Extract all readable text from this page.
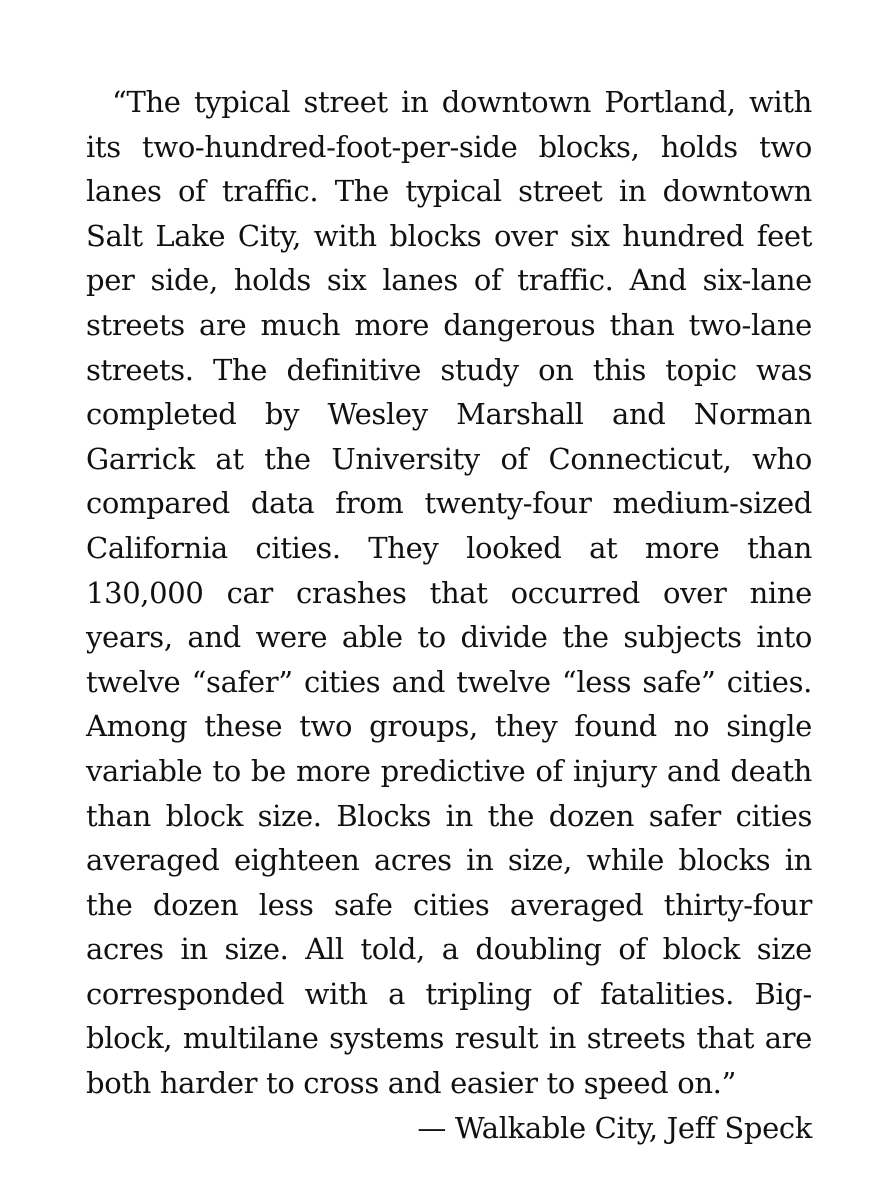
“The typical street in downtown Portland, with
its two-hundred-foot-per-side blocks, holds two
lanes of traffic. The typical street in downtown
Salt Lake City, with blocks over six hundred feet
per side, holds six lanes of traffic. And six-lane
streets are much more dangerous than two-lane
streets. The definitive study on this topic was
completed by Wesley Marshall and Norman
Garrick at the University of Connecticut, who
compared data from twenty-four medium-sized
California cities. They looked at more than
130,000 car crashes that occurred over nine
years, and were able to divide the subjects into
twelve “safer” cities and twelve “less safe” cities.
Among these two groups, they found no single
variable to be more predictive of injury and death
than block size. Blocks in the dozen safer cities
averaged eighteen acres in size, while blocks in
the dozen less safe cities averaged thirty-four
acres in size. All told, a doubling of block size
corresponded with a tripling of fatalities. Big-
block, multilane systems result in streets that are
both harder to cross and easier to speed on.”
— Walkable City, Jeff Speck
